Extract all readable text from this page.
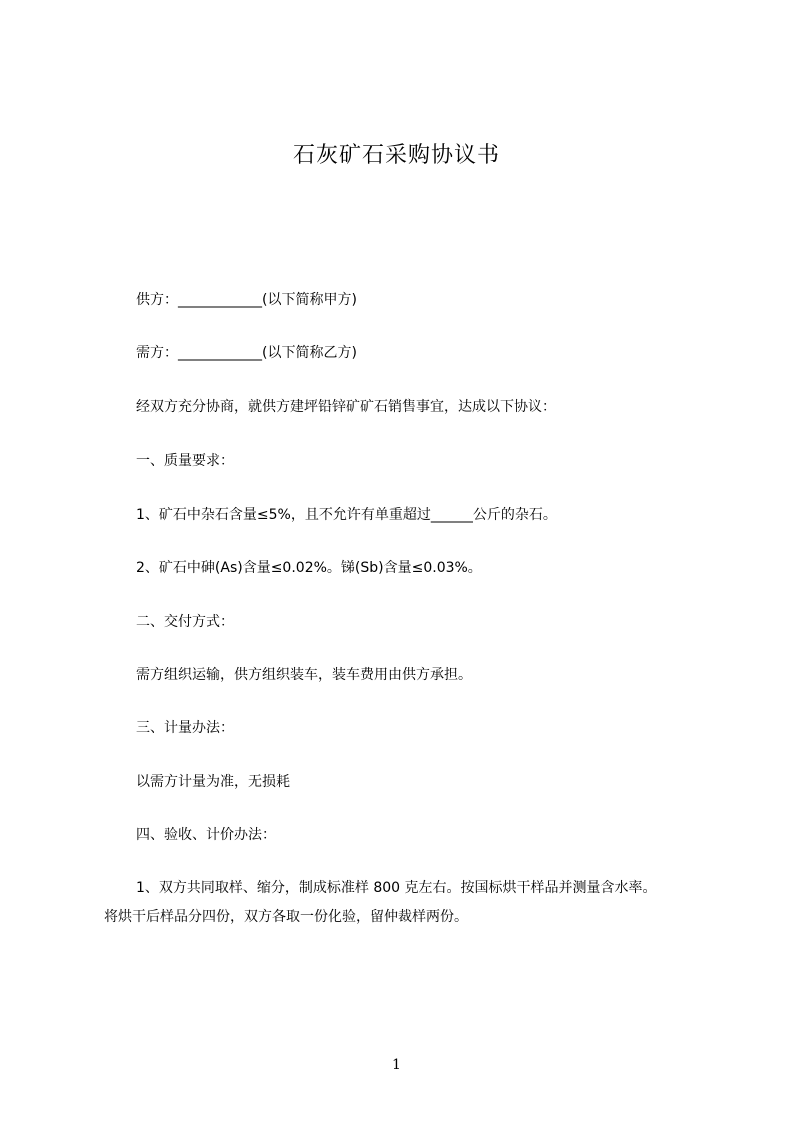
石灰矿石采购协议书
供方：____________(以下简称甲方)
需方：____________(以下简称乙方)
经双方充分协商，就供方建坪铅锌矿矿石销售事宜，达成以下协议：
一、质量要求：
1、矿石中杂石含量≤5%，且不允许有单重超过______公斤的杂石。
2、矿石中砷(As)含量≤0.02%。锑(Sb)含量≤0.03%。
二、交付方式：
需方组织运输，供方组织装车，装车费用由供方承担。
三、计量办法：
以需方计量为准，无损耗
四、验收、计价办法：
1、双方共同取样、缩分，制成标准样 800 克左右。按国标烘干样品并测量含水率。
将烘干后样品分四份，双方各取一份化验，留仲裁样两份。
1
